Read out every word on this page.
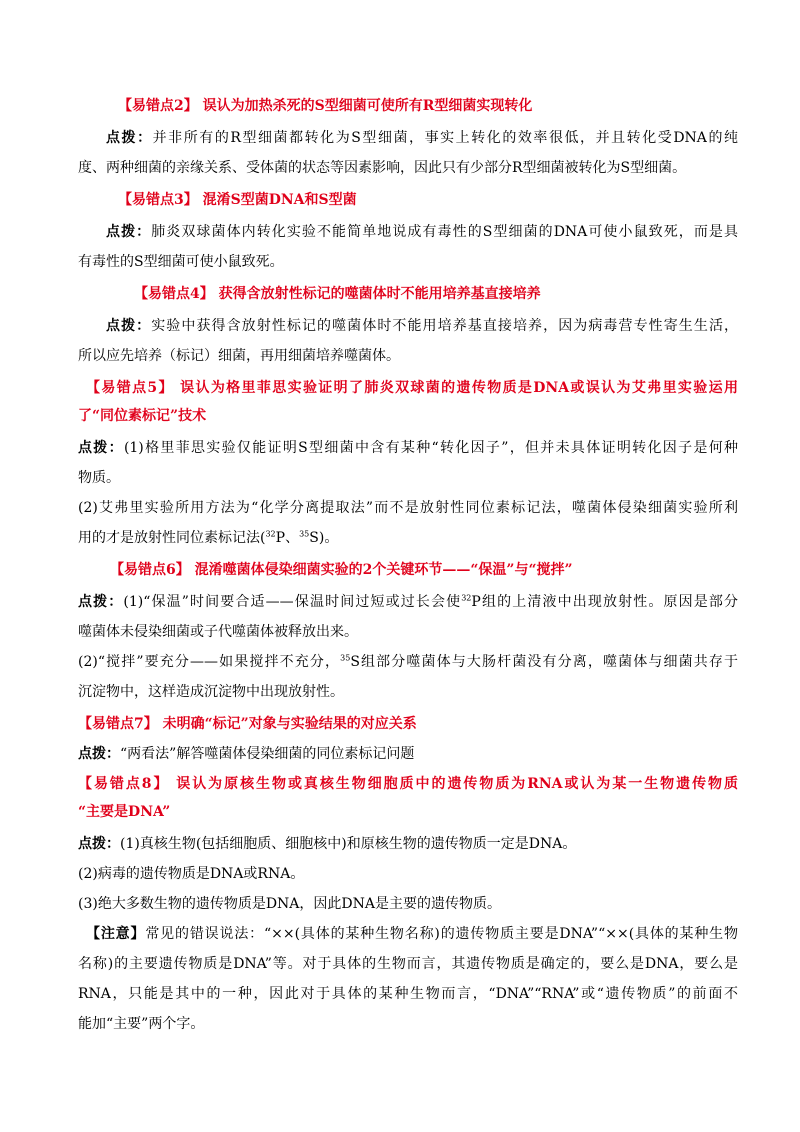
【易错点2】 误认为加热杀死的S型细菌可使所有R型细菌实现转化
点拨：并非所有的R型细菌都转化为S型细菌，事实上转化的效率很低，并且转化受DNA的纯
度、两种细菌的亲缘关系、受体菌的状态等因素影响，因此只有少部分R型细菌被转化为S型细菌。
【易错点3】 混淆S型菌DNA和S型菌
点拨：肺炎双球菌体内转化实验不能简单地说成有毒性的S型细菌的DNA可使小鼠致死，而是具
有毒性的S型细菌可使小鼠致死。
【易错点4】 获得含放射性标记的噬菌体时不能用培养基直接培养
点拨：实验中获得含放射性标记的噬菌体时不能用培养基直接培养，因为病毒营专性寄生生活，
所以应先培养（标记）细菌，再用细菌培养噬菌体。
【易错点5】 误认为格里菲思实验证明了肺炎双球菌的遗传物质是DNA或误认为艾弗里实验运用
了“同位素标记”技术
点拨：(1)格里菲思实验仅能证明S型细菌中含有某种“转化因子”，但并未具体证明转化因子是何种
物质。
(2)艾弗里实验所用方法为“化学分离提取法”而不是放射性同位素标记法，噬菌体侵染细菌实验所利
用的才是放射性同位素标记法($^{32}$P、$^{35}$S)。
【易错点6】 混淆噬菌体侵染细菌实验的2个关键环节——“保温”与“搅拌”
点拨：(1)“保温”时间要合适——保温时间过短或过长会使$^{32}$P组的上清液中出现放射性。原因是部分
噬菌体未侵染细菌或子代噬菌体被释放出来。
(2)“搅拌”要充分——如果搅拌不充分，$^{35}$S组部分噬菌体与大肠杆菌没有分离，噬菌体与细菌共存于
沉淀物中，这样造成沉淀物中出现放射性。
【易错点7】 未明确“标记”对象与实验结果的对应关系
点拨：“两看法”解答噬菌体侵染细菌的同位素标记问题
【易错点8】 误认为原核生物或真核生物细胞质中的遗传物质为RNA或认为某一生物遗传物质
“主要是DNA”
点拨：(1)真核生物(包括细胞质、细胞核中)和原核生物的遗传物质一定是DNA。
(2)病毒的遗传物质是DNA或RNA。
(3)绝大多数生物的遗传物质是DNA，因此DNA是主要的遗传物质。
【注意】常见的错误说法：“××(具体的某种生物名称)的遗传物质主要是DNA”“××(具体的某种生物
名称)的主要遗传物质是DNA”等。对于具体的生物而言，其遗传物质是确定的，要么是DNA，要么是
RNA，只能是其中的一种，因此对于具体的某种生物而言，“DNA”“RNA”或“遗传物质”的前面不
能加“主要”两个字。
